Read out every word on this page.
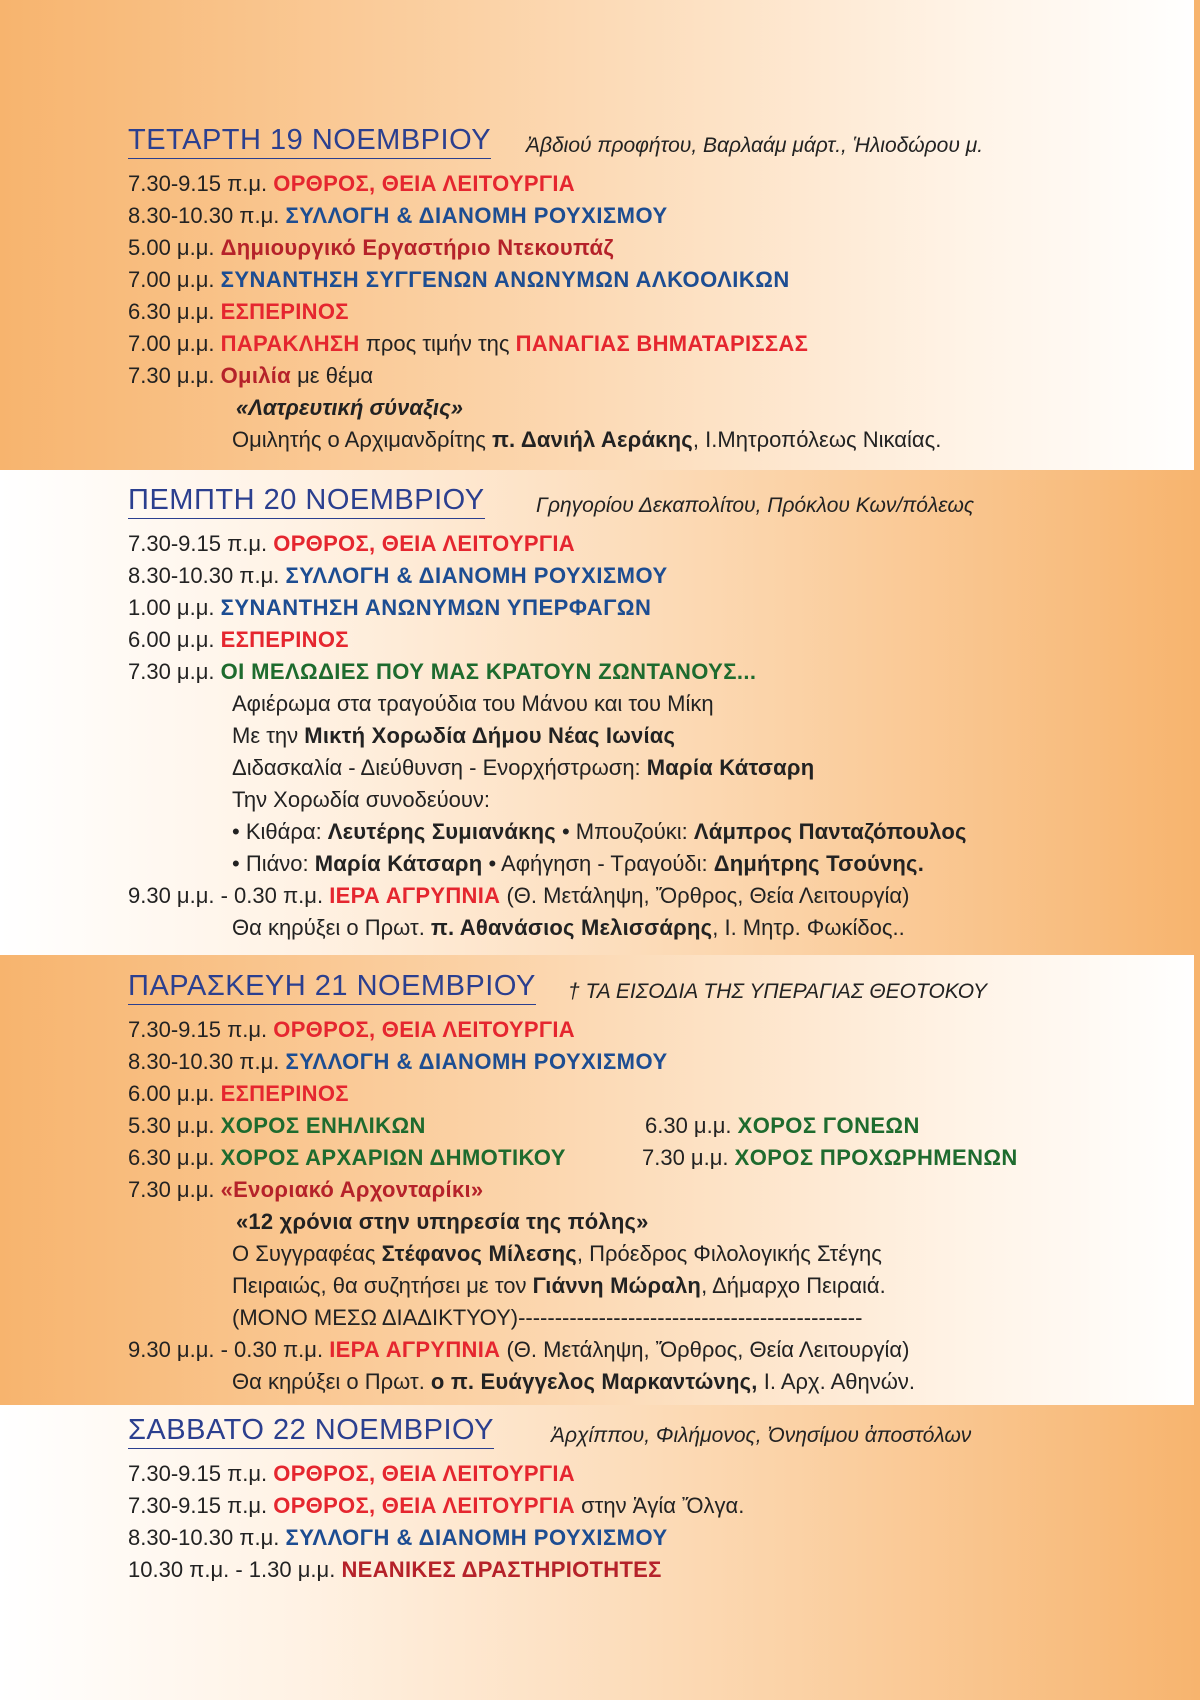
ΤΕΤΑΡΤΗ 19 ΝΟΕΜΒΡΙΟΥ Ἀβδιού προφήτου, Βαρλαάμ μάρτ., Ἡλιοδώρου μ.
7.30-9.15 π.μ. ΟΡΘΡΟΣ, ΘΕΙΑ ΛΕΙΤΟΥΡΓΙΑ
8.30-10.30 π.μ. ΣΥΛΛΟΓΗ & ΔΙΑΝΟΜΗ ΡΟΥΧΙΣΜΟΥ
5.00 μ.μ. Δημιουργικό Εργαστήριο Ντεκουπάζ
7.00 μ.μ. ΣΥΝΑΝΤΗΣΗ ΣΥΓΓΕΝΩΝ ΑΝΩΝΥΜΩΝ ΑΛΚΟΟΛΙΚΩΝ
6.30 μ.μ. ΕΣΠΕΡΙΝΟΣ
7.00 μ.μ. ΠΑΡΑΚΛΗΣΗ προς τιμήν της ΠΑΝΑΓΙΑΣ ΒΗΜΑΤΑΡΙΣΣΑΣ
7.30 μ.μ. Ομιλία με θέμα
«Λατρευτική σύναξις»
Ομιλητής ο Αρχιμανδρίτης π. Δανιήλ Αεράκης, Ι.Μητροπόλεως Νικαίας.
ΠΕΜΠΤΗ 20 ΝΟΕΜΒΡΙΟΥ Γρηγορίου Δεκαπολίτου, Πρόκλου Κων/πόλεως
7.30-9.15 π.μ. ΟΡΘΡΟΣ, ΘΕΙΑ ΛΕΙΤΟΥΡΓΙΑ
8.30-10.30 π.μ. ΣΥΛΛΟΓΗ & ΔΙΑΝΟΜΗ ΡΟΥΧΙΣΜΟΥ
1.00 μ.μ. ΣΥΝΑΝΤΗΣΗ ΑΝΩΝΥΜΩΝ ΥΠΕΡΦΑΓΩΝ
6.00 μ.μ. ΕΣΠΕΡΙΝΟΣ
7.30 μ.μ. ΟΙ ΜΕΛΩΔΙΕΣ ΠΟΥ ΜΑΣ ΚΡΑΤΟΥΝ ΖΩΝΤΑΝΟΥΣ...
Αφιέρωμα στα τραγούδια του Μάνου και του Μίκη
Με την Μικτή Χορωδία Δήμου Νέας Ιωνίας
Διδασκαλία - Διεύθυνση - Ενορχήστρωση: Μαρία Κάτσαρη
Την Χορωδία συνοδεύουν:
• Κιθάρα: Λευτέρης Συμιανάκης • Μπουζούκι: Λάμπρος Πανταζόπουλος
• Πιάνο: Μαρία Κάτσαρη • Αφήγηση - Τραγούδι: Δημήτρης Τσούνης.
9.30 μ.μ. - 0.30 π.μ. ΙΕΡΑ ΑΓΡΥΠΝΙΑ (Θ. Μετάληψη, Ὄρθρος, Θεία Λειτουργία)
Θα κηρύξει ο Πρωτ. π. Αθανάσιος Μελισσάρης, Ι. Μητρ. Φωκίδος..
ΠΑΡΑΣΚΕΥΗ 21 ΝΟΕΜΒΡΙΟΥ † ΤΑ ΕΙΣΟΔΙΑ ΤΗΣ ΥΠΕΡΑΓΙΑΣ ΘΕΟΤΟΚΟΥ
7.30-9.15 π.μ. ΟΡΘΡΟΣ, ΘΕΙΑ ΛΕΙΤΟΥΡΓΙΑ
8.30-10.30 π.μ. ΣΥΛΛΟΓΗ & ΔΙΑΝΟΜΗ ΡΟΥΧΙΣΜΟΥ
6.00 μ.μ. ΕΣΠΕΡΙΝΟΣ
5.30 μ.μ. ΧΟΡΟΣ ΕΝΗΛΙΚΩΝ	6.30 μ.μ. ΧΟΡΟΣ ΓΟΝΕΩΝ
6.30 μ.μ. ΧΟΡΟΣ ΑΡΧΑΡΙΩΝ ΔΗΜΟΤΙΚΟΥ	7.30 μ.μ. ΧΟΡΟΣ ΠΡΟΧΩΡΗΜΕΝΩΝ
7.30 μ.μ. «Ενοριακό Αρχονταρίκι»
«12 χρόνια στην υπηρεσία της πόλης»
Ο Συγγραφέας Στέφανος Μίλεσης, Πρόεδρος Φιλολογικής Στέγης
Πειραιώς, θα συζητήσει με τον Γιάννη Μώραλη, Δήμαρχο Πειραιά.
(ΜΟΝΟ ΜΕΣΩ ΔΙΑΔΙΚΤΥΟΥ)-----------------------------------------------
9.30 μ.μ. - 0.30 π.μ. ΙΕΡΑ ΑΓΡΥΠΝΙΑ (Θ. Μετάληψη, Ὄρθρος, Θεία Λειτουργία)
Θα κηρύξει ο Πρωτ. ο π. Ευάγγελος Μαρκαντώνης, Ι. Αρχ. Αθηνών.
ΣΑΒΒΑΤΟ 22 ΝΟΕΜΒΡΙΟΥ	Ἀρχίππου, Φιλήμονος, Ὀνησίμου ἀποστόλων
7.30-9.15 π.μ. ΟΡΘΡΟΣ, ΘΕΙΑ ΛΕΙΤΟΥΡΓΙΑ
7.30-9.15 π.μ. ΟΡΘΡΟΣ, ΘΕΙΑ ΛΕΙΤΟΥΡΓΙΑ στην Ἁγία Ὄλγα.
8.30-10.30 π.μ. ΣΥΛΛΟΓΗ & ΔΙΑΝΟΜΗ ΡΟΥΧΙΣΜΟΥ
10.30 π.μ. - 1.30 μ.μ. ΝΕΑΝΙΚΕΣ ΔΡΑΣΤΗΡΙΟΤΗΤΕΣ
